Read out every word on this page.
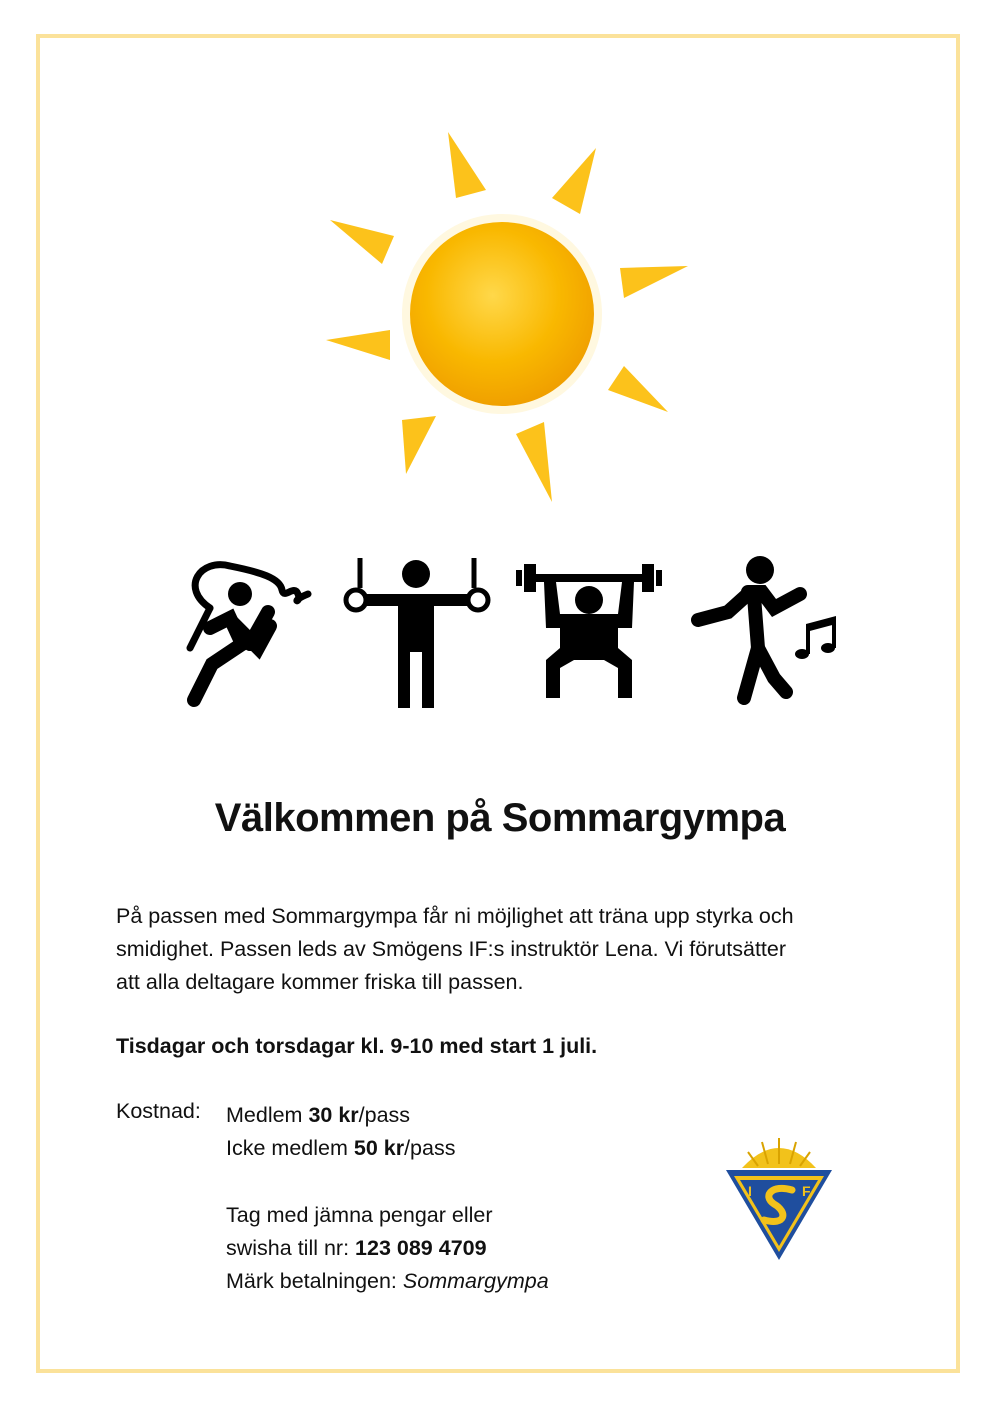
Välkommen på Sommargympa
På passen med Sommargympa får ni möjlighet att träna upp styrka och
smidighet. Passen leds av Smögens IF:s instruktör Lena. Vi förutsätter
att alla deltagare kommer friska till passen.
Tisdagar och torsdagar kl. 9-10 med start 1 juli.
Kostnad: Medlem 30 kr/pass
Icke medlem 50 kr/pass
Tag med jämna pengar eller
swisha till nr: 123 089 4709
Märk betalningen: Sommargympa
I
S
F
